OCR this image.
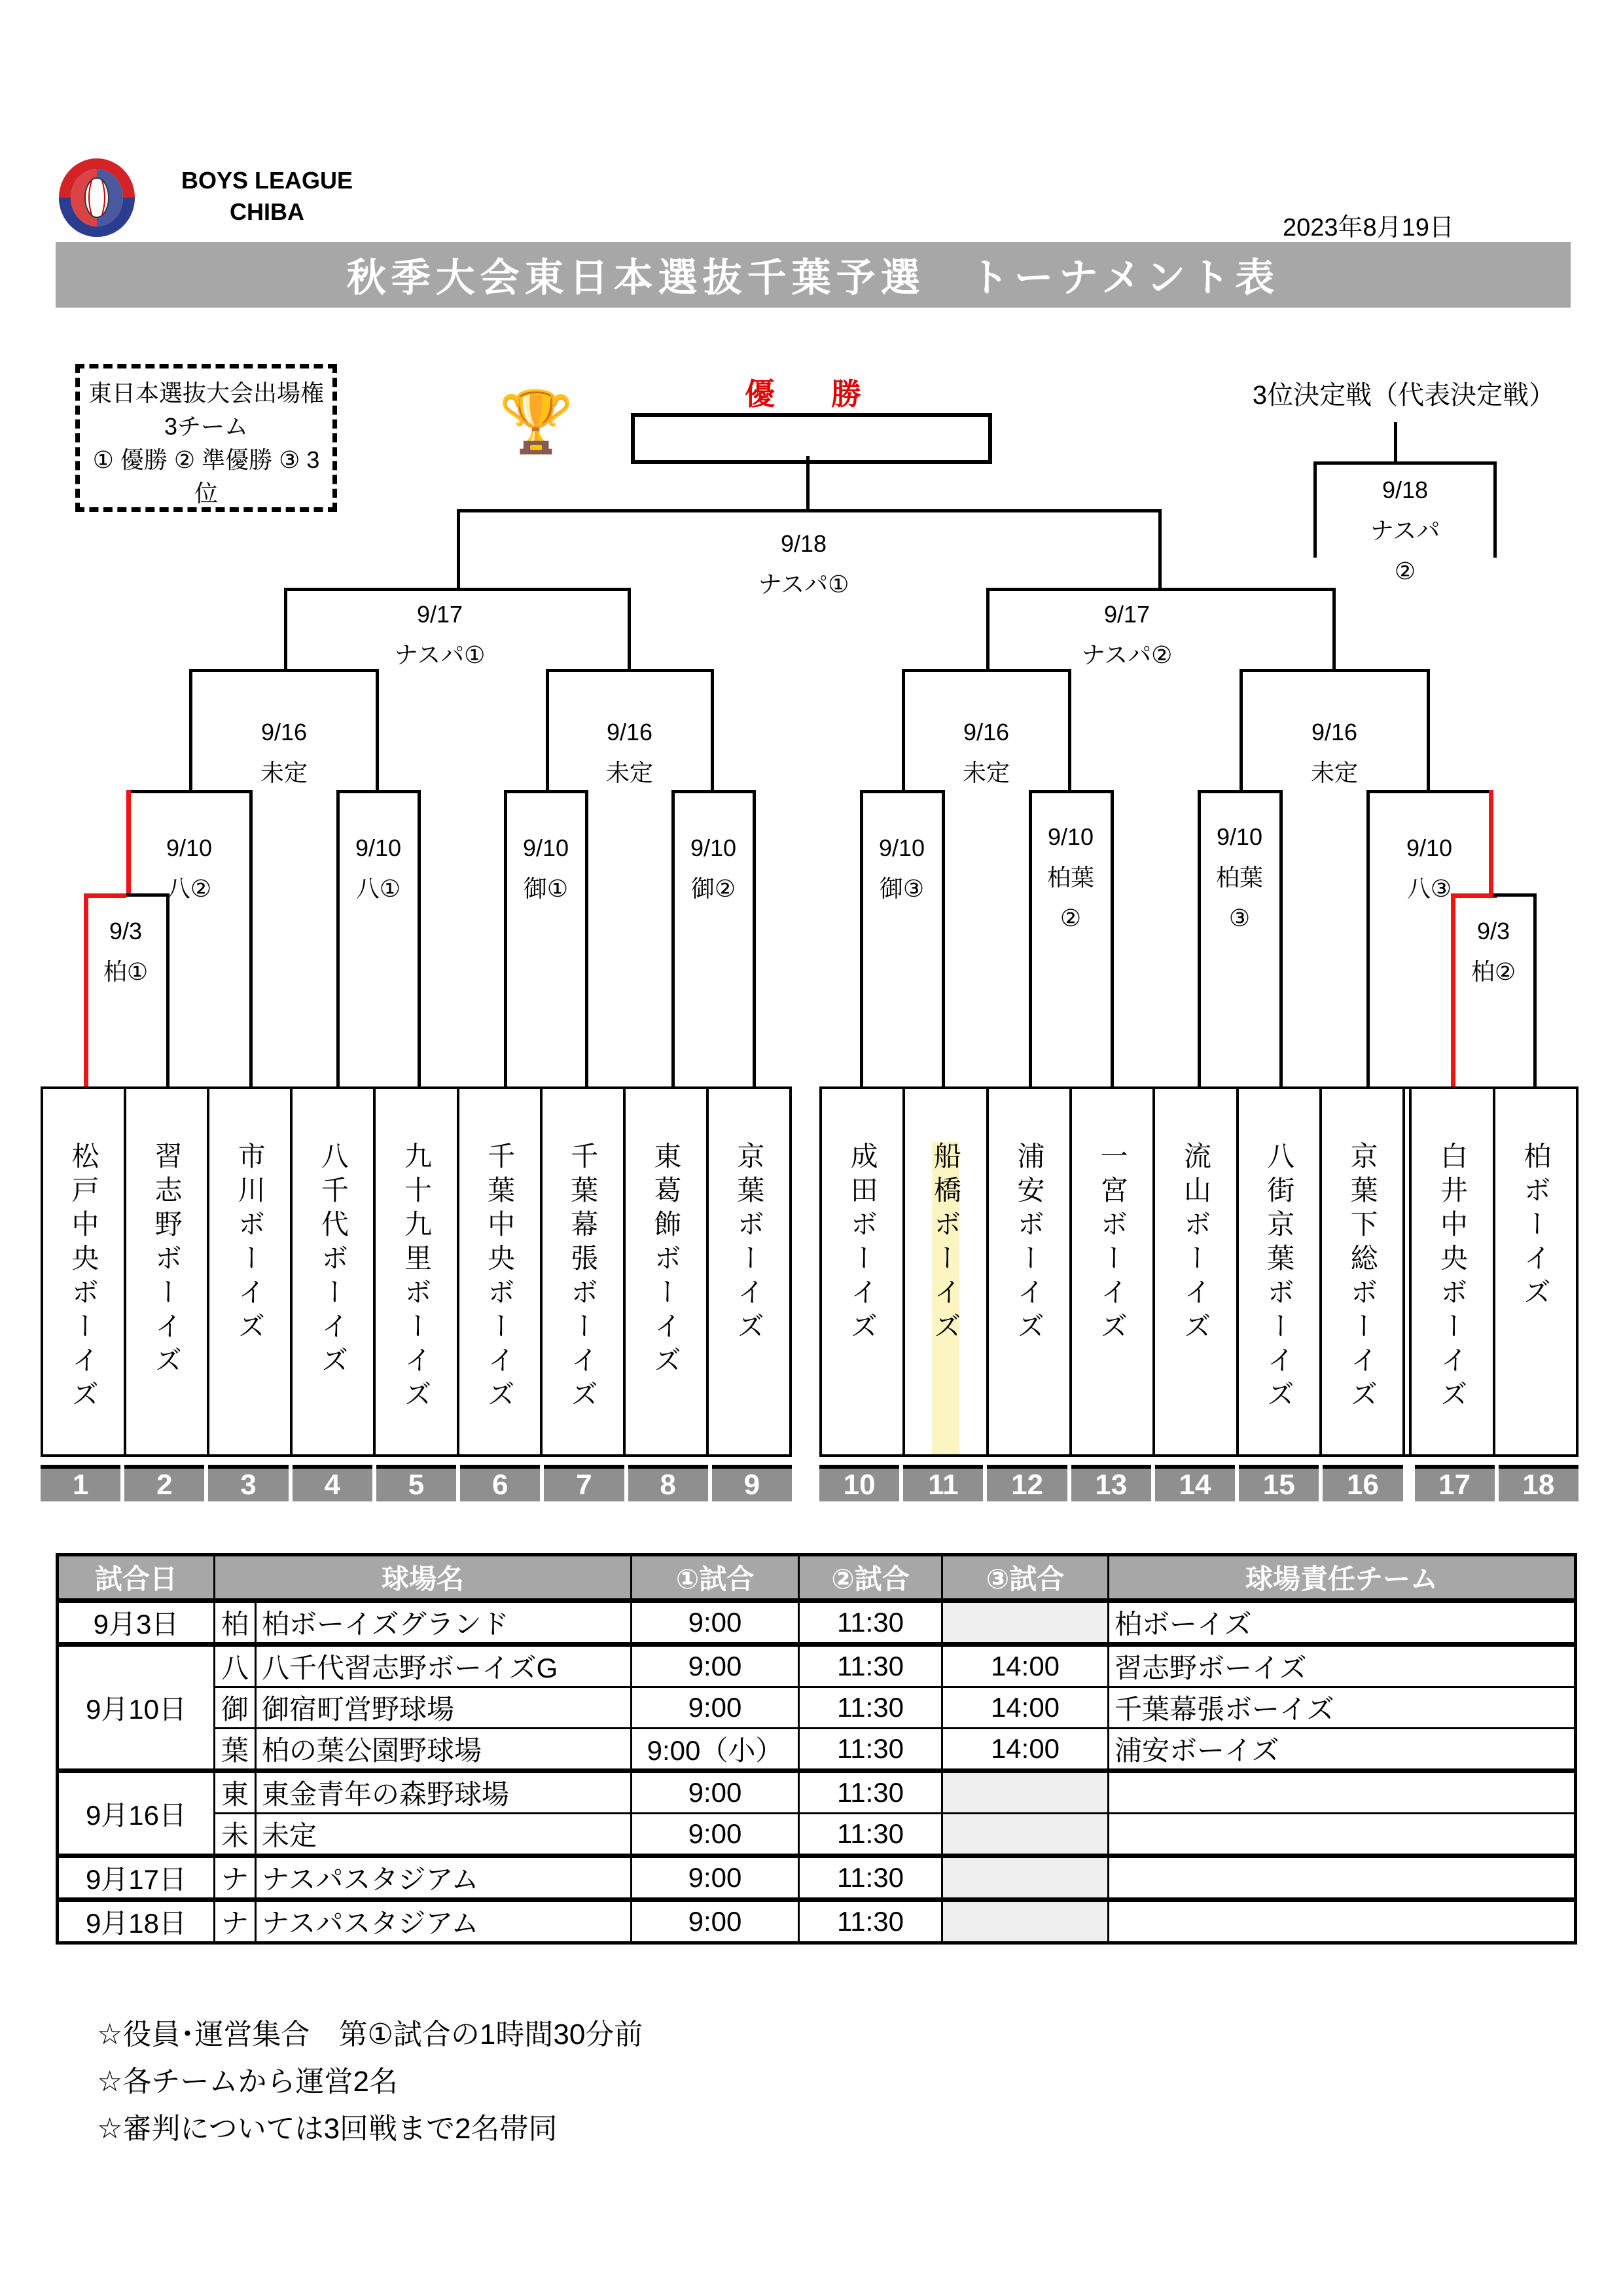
BOYS LEAGUE
CHIBA
2023年8月19日
秋季大会東日本選抜千葉予選　トーナメント表
東日本選抜大会出場権
3チーム
① 優勝 ② 準優勝 ③ 3位
🏆	優　勝	3位決定戦（代表決定戦）
9/18
ナスパ①
9/18
ナスパ
②
9/17
ナスパ①
9/17
ナスパ②
9/16
未定
9/16
未定
9/16
未定
9/16
未定
9/10
八②
9/10
八①
9/10
御①
9/10
御②
9/10
御③
9/10
柏葉
②
9/10
柏葉
③
9/10
八③
9/3
柏①
9/3
柏②
松戸中央ボーイズ 習志野ボーイズ 市川ボーイズ 八千代ボーイズ 九十九里ボーイズ 千葉中央ボーイズ 千葉幕張ボーイズ 東葛飾ボーイズ 京葉ボーイズ	成田ボーイズ 船橋ボーイズ 浦安ボーイズ 一宮ボーイズ 流山ボーイズ 八街京葉ボーイズ 京葉下総ボーイズ 白井中央ボーイズ 柏ボーイズ
1	2	3	4	5	6	7	8	9	10	11	12	13	14	15	16	17	18
試合日	球場名		①試合	②試合	③試合	球場責任チーム
9月3日	柏	柏ボーイズグランド	9:00	11:30		柏ボーイズ
9月10日	八	八千代習志野ボーイズG	9:00	11:30	14:00	習志野ボーイズ
	御	御宿町営野球場	9:00	11:30	14:00	千葉幕張ボーイズ
	葉	柏の葉公園野球場	9:00（小）	11:30	14:00	浦安ボーイズ
9月16日	東	東金青年の森野球場	9:00	11:30		
	未	未定	9:00	11:30		
9月17日	ナ	ナスパスタジアム	9:00	11:30		
9月18日	ナ	ナスパスタジアム	9:00	11:30		
☆役員･運営集合　第①試合の1時間30分前
☆各チームから運営2名
☆審判については3回戦まで2名帯同
